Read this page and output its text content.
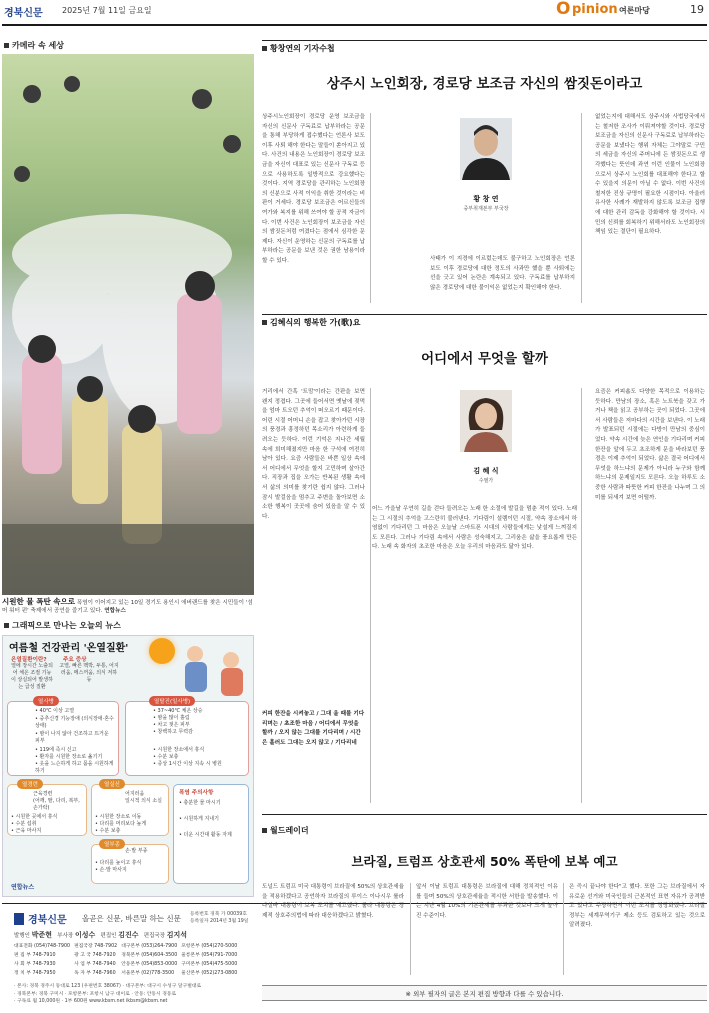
경북신문 2025년 7월 11일 금요일	O pinion 여론마당	19
카메라 속 세상
시원한 물 폭탄 속으로 폭염이 이어지고 있는 10일 경기도 용인시 에버랜드를 찾은 시민들이 '섬머 워터 펀' 축제에서 공연을 즐기고 있다. 연합뉴스
그래픽으로 만나는 오늘의 뉴스
여름철 건강관리 '온열질환'
온열질환이란?
열에 장시간 노출되어 체온 조절 기능이 상실되어 발생하는 급성 질환
주요 증상
고열, 빠른 맥박, 두통, 어지러움, 메스꺼움, 의식 저하 등
열사병
• 40℃ 이상 고열
• 중추신경 기능장애 (의식장애·혼수상태)
• 땀이 나지 않아 건조하고 뜨거운 피부
• 119에 즉시 신고
• 환자를 시원한 장소로 옮기기
• 옷을 느슨하게 하고 몸을 시원하게 하기
열탈진(일사병)
• 37~40℃ 체온 상승
• 땀을 많이 흘림
• 차고 젖은 피부
• 창백하고 무력감
• 시원한 장소에서 휴식
• 수분 보충
• 증상 1시간 이상 지속 시 병원
열경련
근육경련
(어깨, 팔, 다리, 복부, 손가락)
• 시원한 곳에서 휴식
• 수분 섭취
• 근육 마사지
열실신
어지러움
일시적 의식 소실
• 시원한 장소로 이동
• 다리를 머리보다 높게
• 수분 보충
열부종
손·발 부종
• 다리를 높이고 휴식
• 손·발 마사지
폭염 주의사항
• 충분한 물 마시기
• 시원하게 지내기
• 더운 시간대 활동 자제
연합뉴스
경북신문 올곧은 신문, 바른말 하는 신문 등록번호 경북 가 00039호
등록일자 2014년 3월 19일
발행인 박준현 부사장 이성수 편집인 김진수 편집국장 김지석
대표전화 (054)748-7900	편집국장 748-7902	대구본부 (053)264-7900	포항본부 (054)270-5000
편 집 부 748-7910	광 고 국 748-7920	경북본부 (054)604-3500	울릉본부 (054)791-7000
사 회 부 748-7930	사 업 부 748-7940	안동본부 (054)853-0000	구미본부 (054)475-5000
정 치 부 748-7950	독 자 부 748-7960	서울본부 (02)778-3500	울산본부 (052)273-0800
· 본사: 경북 경주시 동대로 123 (우편번호 38067) · 대구본부: 대구시 수성구 달구벌대로
· 경북본부: 경북 구미시 · 포항본부: 포항시 남구 대이로 · 안동: 안동시 경동로
· 구독료 월 10,000원 · 1부 600원 www.kbsm.net ikbsm@kbsm.net
황창연의 기자수첩
상주시 노인회장, 경로당 보조금 자신의 쌈짓돈이라고
상주시노인회장이 경로당 운영 보조금을 자신의 신문사 구독료로 납부하라는 공문을 통해 부당하게 접수했다는 언론사 보도 이후 사퇴 해야 한다는 말들이 쏟아지고 있다. 사건의 내용은 노인회장이 경로당 보조금을 자신이 대표로 있는 신문사 구독료 등으로 사용하도록 일방적으로 강요했다는 것이다. 지역 경로당을 관리하는 노인회장의 신분으로 사적 이익을 취한 것이라는 비판이 거세다. 경로당 보조금은 어르신들의 여가와 복지를 위해 쓰여야 할 공적 자금이다. 이번 사건은 노인회장이 보조금을 자신의 쌈짓돈처럼 여겼다는 점에서 심각한 문제다. 자신이 운영하는 신문의 구독료를 납부하라는 공문을 보낸 것은 권한 남용이라 할 수 있다.
황 창 연
중부취재본부 부국장
사태가 이 지경에 이르렀는데도 불구하고 노인회장은 언론 보도 이후 경로당에 대한 정도의 사과만 했을 뿐 사퇴에는 선을 긋고 있어 논란은 계속되고 있다. 구독료를 납부하지 않은 경로당에 대한 불이익은 없었는지 확인해야 한다.
없었는지에 대해서도 상주시와 사법당국에서는 철저한 조사가 이뤄져야할 것이다. 경로당 보조금을 자신의 신문사 구독료로 납부하라는 공문을 보냈다는 행위 자체는 그야말로 구민의 세금을 자신의 주머니에 든 쌈짓돈으로 생각했다는 뜻인데 과연 이런 인물이 노인회장으로서 상주시 노인회를 대표해야 한다고 할 수 있을지 의문이 아닐 수 없다. 이번 사건의 철저한 진상 규명이 필요한 시점이다. 아울러 유사한 사례가 재발하지 않도록 보조금 집행에 대한 관리 감독을 강화해야 할 것이다. 시민의 신뢰를 회복하기 위해서라도 노인회장의 책임 있는 결단이 필요하다.
김혜식의 행복한 가(歌)요
어디에서 무엇을 할까
거리에서 간혹 '트맘'이라는 간판을 보면 왠지 정겹다. 그곳에 들어서면 옛날에 젖먹을 엄마 트오던 추억이 떠오르기 때문이다. 어린 시절 어머니 손을 잡고 찾아가던 시장의 풍경과 흥정하던 목소리가 아련하게 들려오는 듯하다. 이런 기억은 지나간 세월 속에 희미해졌지만 마음 한 구석에 여전히 남아 있다. 요즘 사람들은 바쁜 일상 속에서 어디에서 무엇을 할지 고민하며 살아간다. 직장과 집을 오가는 반복된 생활 속에서 삶의 의미를 찾기란 쉽지 않다. 그러나 잠시 발걸음을 멈추고 주변을 돌아보면 소소한 행복이 곳곳에 숨어 있음을 알 수 있다.
커피 한잔을 시켜놓고 / 그대 올 때를 기다리며는 / 초조한 마음 / 어디에서 무엇을 할까 / 오지 않는 그대를 기다리며 / 시간은 흘러도 그대는 오지 않고 / 기다리네
김 혜 식
수필가
어느 가을날 우연히 길을 걷다 들려오는 노래 한 소절에 발길을 멈춘 적이 있다. 노래는 그 시절의 추억을 고스란히 불러낸다. 기다림이 설렘이던 시절, 약속 장소에서 하염없이 기다리던 그 마음은 오늘날 스마트폰 시대의 사람들에게는 낯설게 느껴질지도 모른다. 그러나 기다림 속에서 사람은 성숙해지고, 그리움은 삶을 풍요롭게 만든다. 노래 속 화자의 초조한 마음은 오늘 우리의 마음과도 닮아 있다.
요즘은 커피숍도 다양한 목적으로 이용하는 듯하다. 만남의 장소, 혹은 노트북을 갖고 가거나 책을 읽고 공부하는 곳이 되었다. 그곳에서 사람들은 저마다의 시간을 보낸다. 이 노래가 발표되던 시절에는 다방이 만남의 중심이었다. 약속 시간에 늦은 연인을 기다리며 커피 한잔을 앞에 두고 초조하게 문을 바라보던 풍경은 이제 추억이 되었다. 삶은 결국 어디에서 무엇을 하느냐의 문제가 아니라 누구와 함께하느냐의 문제일지도 모른다. 오늘 하루도 소중한 사람과 따뜻한 커피 한잔을 나누며 그 의미를 되새겨 보면 어떨까.
월드레이더
브라질, 트럼프 상호관세 50% 폭탄에 보복 예고
도널드 트럼프 미국 대통령이 브라질에 50%의 상호관세율을 적용하겠다고 공언하자 브라질의 루이스 이나시우 룰라 다실바 대통령이 보복 조치를 예고했다. 룰라 대통령은 경제적 상호주의법에 따라 대응하겠다고 밝혔다.
앞서 이날 트럼프 대통령은 브라질에 대해 정치적인 이유를 들며 50%의 상호관세율을 적시한 서한을 발송했다. 이는 지난 4월 10%의 기본관세를 부과한 것보다 크게 높아진 수준이다.
은 즉시 끝나야 한다"고 했다. 또한 그는 브라질에서 자유로운 선거와 미국인들의 근본적인 표현 자유가 공격받고 있다고 주장하면서 이번 조치를 정당화했다. 브라질 정부는 세계무역기구 제소 등도 검토하고 있는 것으로 알려졌다.
※ 외부 필자의 글은 본지 편집 방향과 다를 수 있습니다.
